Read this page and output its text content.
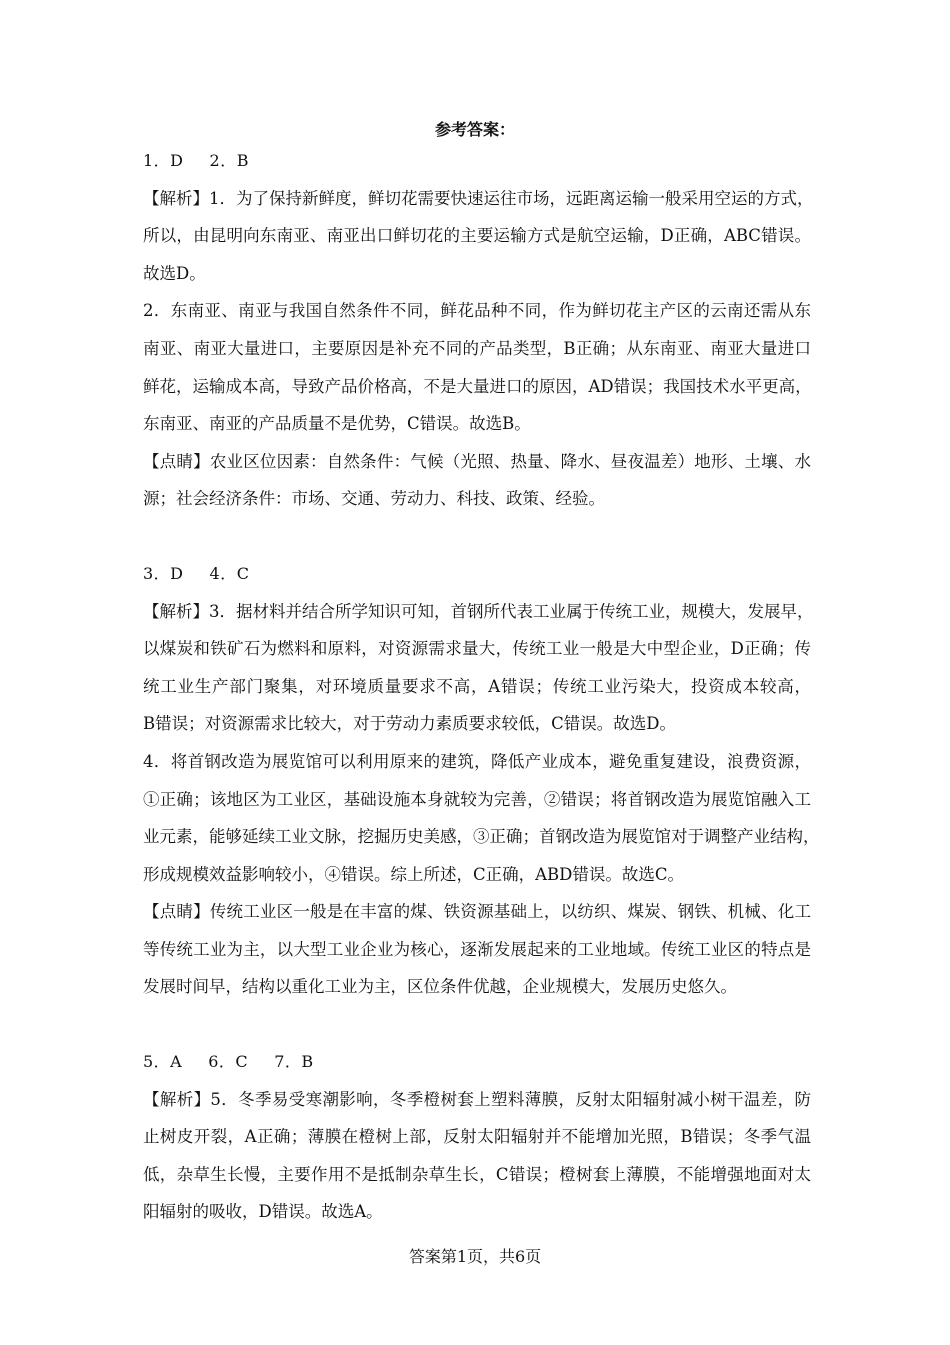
参考答案：
1．D 2．B
【解析】1．为了保持新鲜度，鲜切花需要快速运往市场，远距离运输一般采用空运的方式，
所以，由昆明向东南亚、南亚出口鲜切花的主要运输方式是航空运输，D正确，ABC错误。
故选D。
2．东南亚、南亚与我国自然条件不同，鲜花品种不同，作为鲜切花主产区的云南还需从东
南亚、南亚大量进口，主要原因是补充不同的产品类型，B正确；从东南亚、南亚大量进口
鲜花，运输成本高，导致产品价格高，不是大量进口的原因，AD错误；我国技术水平更高，
东南亚、南亚的产品质量不是优势，C错误。故选B。
【点睛】农业区位因素：自然条件：气候（光照、热量、降水、昼夜温差）地形、土壤、水
源；社会经济条件：市场、交通、劳动力、科技、政策、经验。
3．D 4．C
【解析】3．据材料并结合所学知识可知，首钢所代表工业属于传统工业，规模大，发展早，
以煤炭和铁矿石为燃料和原料，对资源需求量大，传统工业一般是大中型企业，D正确；传
统工业生产部门聚集，对环境质量要求不高，A错误；传统工业污染大，投资成本较高，
B错误；对资源需求比较大，对于劳动力素质要求较低，C错误。故选D。
4．将首钢改造为展览馆可以利用原来的建筑，降低产业成本，避免重复建设，浪费资源，
①正确；该地区为工业区，基础设施本身就较为完善，②错误；将首钢改造为展览馆融入工
业元素，能够延续工业文脉，挖掘历史美感，③正确；首钢改造为展览馆对于调整产业结构，
形成规模效益影响较小，④错误。综上所述，C正确，ABD错误。故选C。
【点睛】传统工业区一般是在丰富的煤、铁资源基础上，以纺织、煤炭、钢铁、机械、化工
等传统工业为主，以大型工业企业为核心，逐渐发展起来的工业地域。传统工业区的特点是
发展时间早，结构以重化工业为主，区位条件优越，企业规模大，发展历史悠久。
5．A 6．C 7．B
【解析】5．冬季易受寒潮影响，冬季橙树套上塑料薄膜，反射太阳辐射减小树干温差，防
止树皮开裂，A正确；薄膜在橙树上部，反射太阳辐射并不能增加光照，B错误；冬季气温
低，杂草生长慢，主要作用不是抵制杂草生长，C错误；橙树套上薄膜，不能增强地面对太
阳辐射的吸收，D错误。故选A。
答案第1页，共6页
